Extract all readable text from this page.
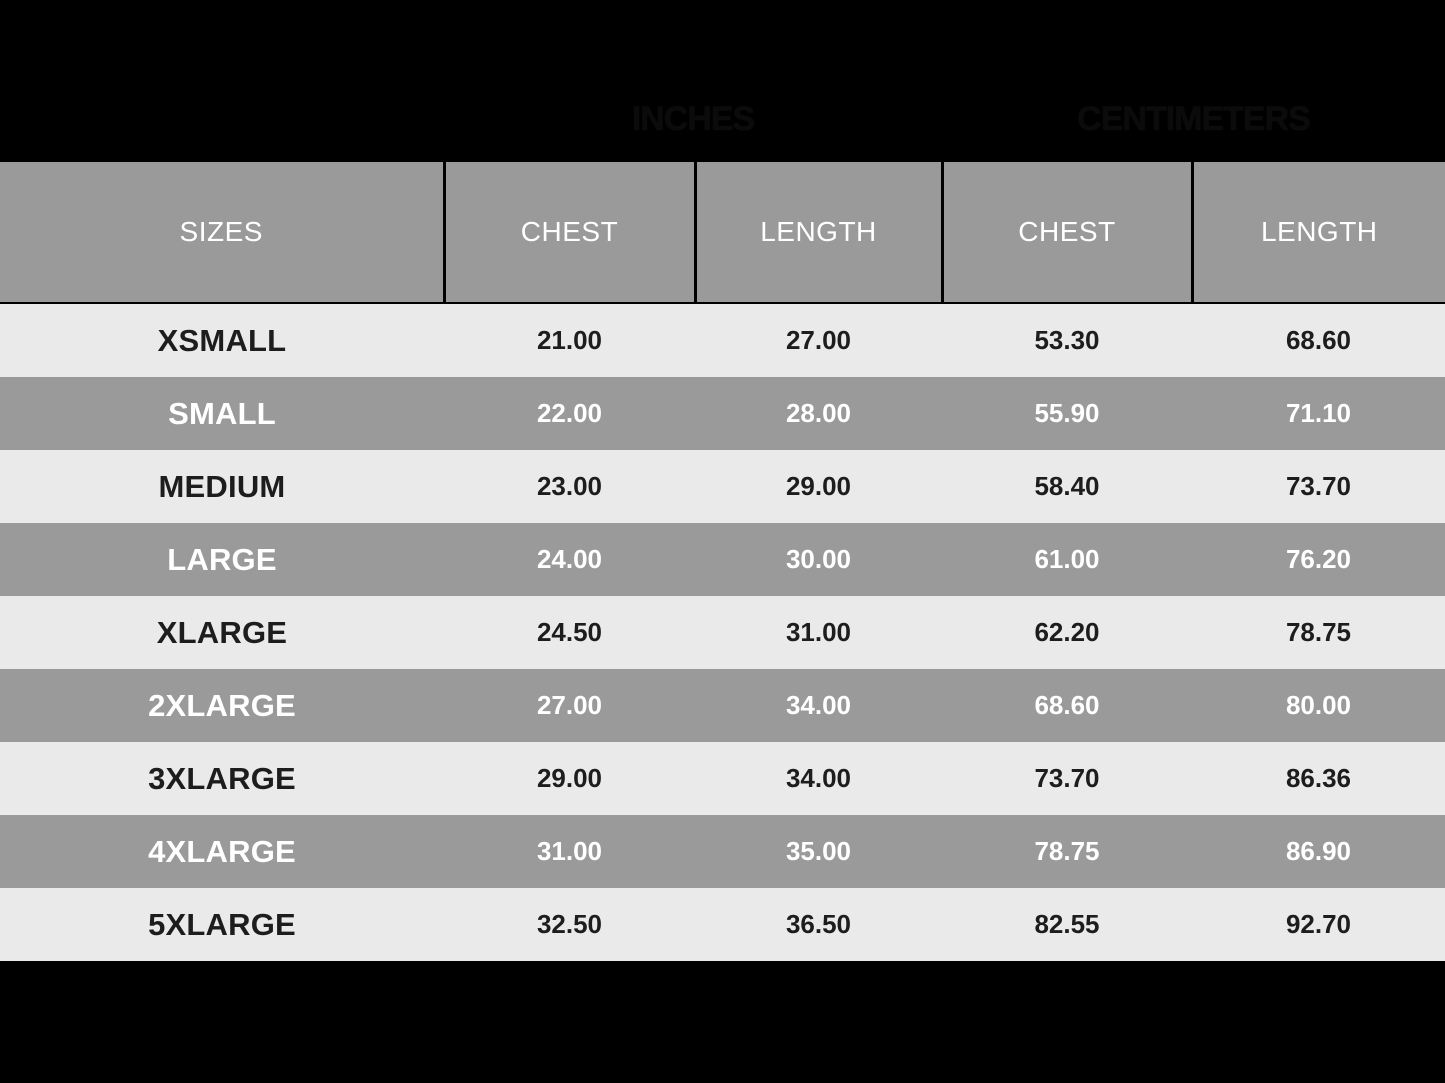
INCHES	CENTIMETERS
SIZES	CHEST	LENGTH	CHEST	LENGTH
XSMALL	21.00	27.00	53.30	68.60
SMALL	22.00	28.00	55.90	71.10
MEDIUM	23.00	29.00	58.40	73.70
LARGE	24.00	30.00	61.00	76.20
XLARGE	24.50	31.00	62.20	78.75
2XLARGE	27.00	34.00	68.60	80.00
3XLARGE	29.00	34.00	73.70	86.36
4XLARGE	31.00	35.00	78.75	86.90
5XLARGE	32.50	36.50	82.55	92.70
